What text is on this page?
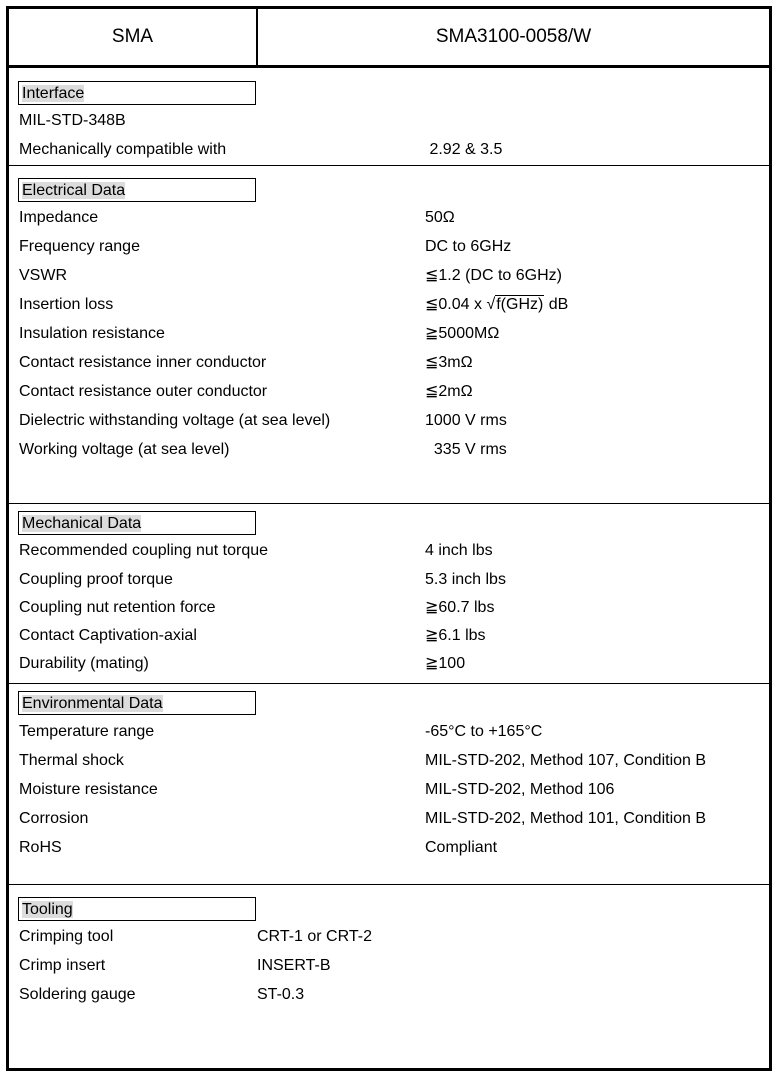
SMA	SMA3100-0058/W
Interface
MIL-STD-348B
Mechanically compatible with	2.92 & 3.5
Electrical Data
Impedance	50Ω
Frequency range	DC to 6GHz
VSWR	≦1.2 (DC to 6GHz)
Insertion loss	≦0.04 x √f(GHz) dB
Insulation resistance	≧5000MΩ
Contact resistance inner conductor	≦3mΩ
Contact resistance outer conductor	≦2mΩ
Dielectric withstanding voltage (at sea level)	1000 V rms
Working voltage (at sea level)	335 V rms
Mechanical Data
Recommended coupling nut torque	4 inch lbs
Coupling proof torque	5.3 inch lbs
Coupling nut retention force	≧60.7 lbs
Contact Captivation-axial	≧6.1 lbs
Durability (mating)	≧100
Environmental Data
Temperature range	-65°C to +165°C
Thermal shock	MIL-STD-202, Method 107, Condition B
Moisture resistance	MIL-STD-202, Method 106
Corrosion	MIL-STD-202, Method 101, Condition B
RoHS	Compliant
Tooling
Crimping tool	CRT-1 or CRT-2
Crimp insert	INSERT-B
Soldering gauge	ST-0.3
